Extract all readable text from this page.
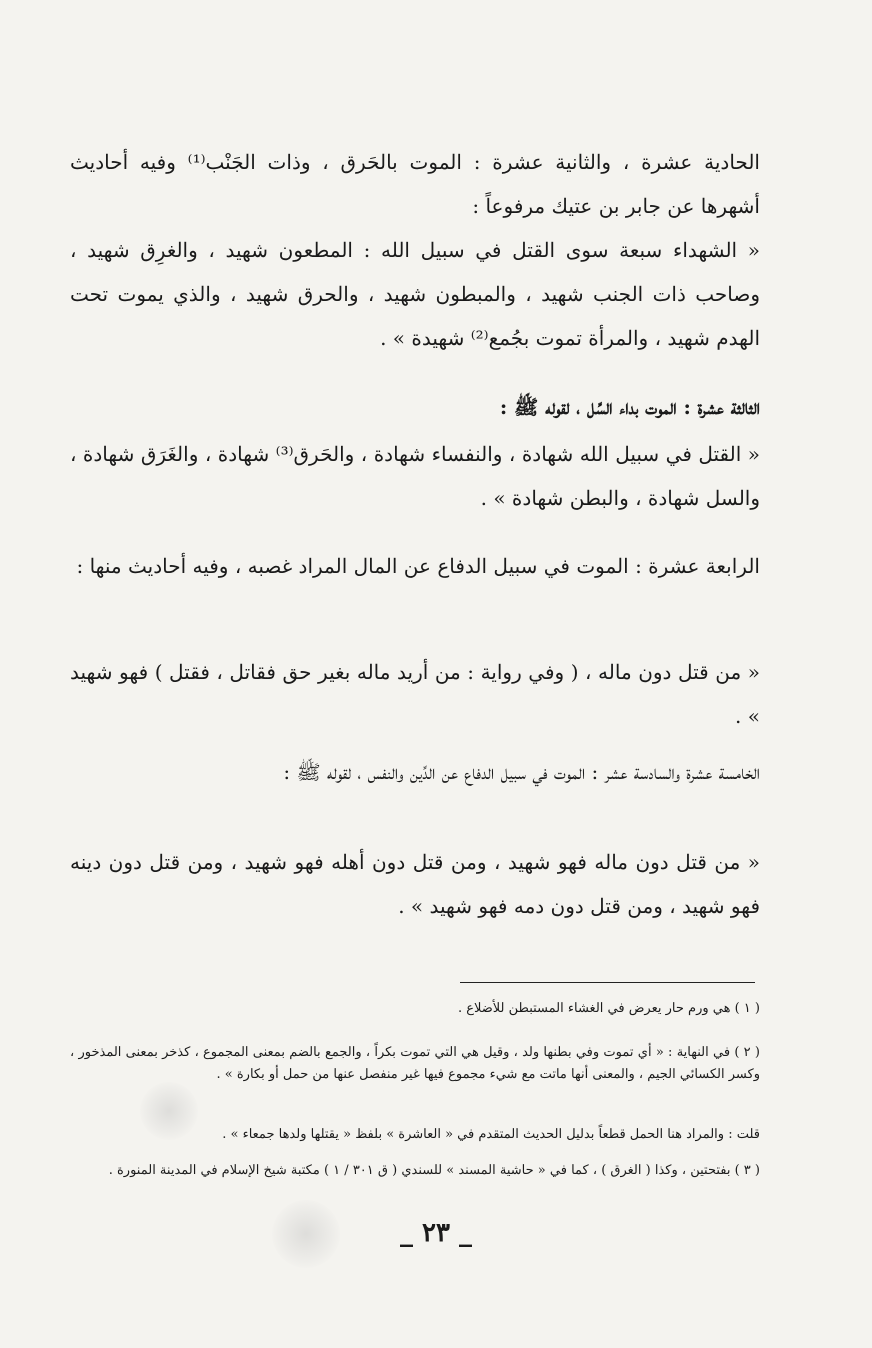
الحادية عشرة ، والثانية عشرة : الموت بالحَرق ، وذات الجَنْب⁽¹⁾ وفيه أحاديث أشهرها عن جابر بن عتيك مرفوعاً :

« الشهداء سبعة سوى القتل في سبيل الله : المطعون شهيد ، والغرِق شهيد ، وصاحب ذات الجنب شهيد ، والمبطون شهيد ، والحرق شهيد ، والذي يموت تحت الهدم شهيد ، والمرأة تموت بجُمع⁽²⁾ شهيدة » .

الثالثة عشرة : الموت بداء السِّل ، لقوله ﷺ :

« القتل في سبيل الله شهادة ، والنفساء شهادة ، والحَرق⁽³⁾ شهادة ، والغَرَق شهادة ، والسل شهادة ، والبطن شهادة » .

الرابعة عشرة : الموت في سبيل الدفاع عن المال المراد غصبه ، وفيه أحاديث منها :

« من قتل دون ماله ، ( وفي رواية : من أريد ماله بغير حق فقاتل ، فقتل ) فهو شهيد » .

الخامسة عشرة والسادسة عشر : الموت في سبيل الدفاع عن الدِّين والنفس ، لقوله ﷺ :

« من قتل دون ماله فهو شهيد ، ومن قتل دون أهله فهو شهيد ، ومن قتل دون دينه فهو شهيد ، ومن قتل دون دمه فهو شهيد » .

( ١ ) هي ورم حار يعرض في الغشاء المستبطن للأضلاع .

( ٢ ) في النهاية : « أي تموت وفي بطنها ولد ، وقيل هي التي تموت بكراً ، والجمع بالضم بمعنى المجموع ، كذخر بمعنى المذخور ، وكسر الكسائي الجيم ، والمعنى أنها ماتت مع شيء مجموع فيها غير منفصل عنها من حمل أو بكارة » .

قلت : والمراد هنا الحمل قطعاً بدليل الحديث المتقدم في « العاشرة » بلفظ « يقتلها ولدها جمعاء » .

( ٣ ) بفتحتين ، وكذا ( الغرق ) ، كما في « حاشية المسند » للسندي ( ق ٣٠١ / ١ ) مكتبة شيخ الإسلام في المدينة المنورة .

_ ٢٣ _
